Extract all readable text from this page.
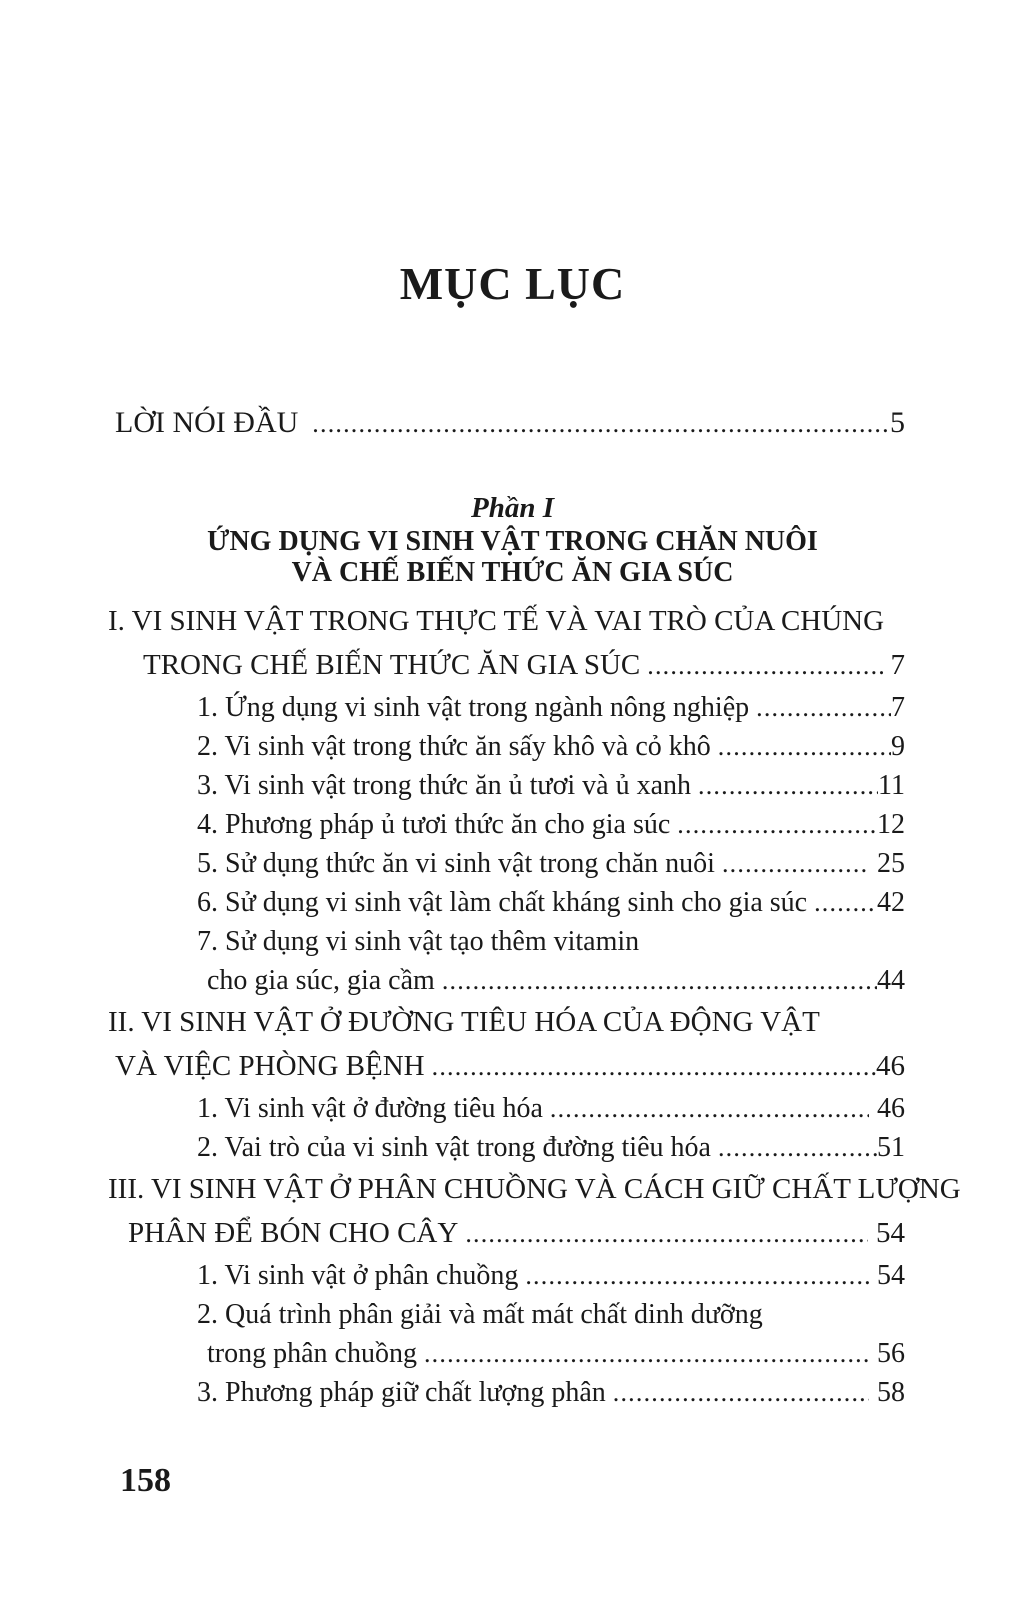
MỤC LỤC
LỜI NÓI ĐẦU .....	5
Phần I
ỨNG DỤNG VI SINH VẬT TRONG CHĂN NUÔI
VÀ CHẾ BIẾN THỨC ĂN GIA SÚC
I. VI SINH VẬT TRONG THỰC TẾ VÀ VAI TRÒ CỦA CHÚNG
TRONG CHẾ BIẾN THỨC ĂN GIA SÚC .....	7
1. Ứng dụng vi sinh vật trong ngành nông nghiệp .....	7
2. Vi sinh vật trong thức ăn sấy khô và cỏ khô .....	9
3. Vi sinh vật trong thức ăn ủ tươi và ủ xanh .....	11
4. Phương pháp ủ tươi thức ăn cho gia súc .....	12
5. Sử dụng thức ăn vi sinh vật trong chăn nuôi .....	25
6. Sử dụng vi sinh vật làm chất kháng sinh cho gia súc ..... 42
7. Sử dụng vi sinh vật tạo thêm vitamin
cho gia súc, gia cầm .....	44
II. VI SINH VẬT Ở ĐƯỜNG TIÊU HÓA CỦA ĐỘNG VẬT
VÀ VIỆC PHÒNG BỆNH .....	46
1. Vi sinh vật ở đường tiêu hóa .....	46
2. Vai trò của vi sinh vật trong đường tiêu hóa .....	51
III. VI SINH VẬT Ở PHÂN CHUỒNG VÀ CÁCH GIỮ CHẤT LƯỢNG
PHÂN ĐỂ BÓN CHO CÂY .....	54
1. Vi sinh vật ở phân chuồng .....	54
2. Quá trình phân giải và mất mát chất dinh dưỡng
trong phân chuồng .....	56
3. Phương pháp giữ chất lượng phân .....	58
158
